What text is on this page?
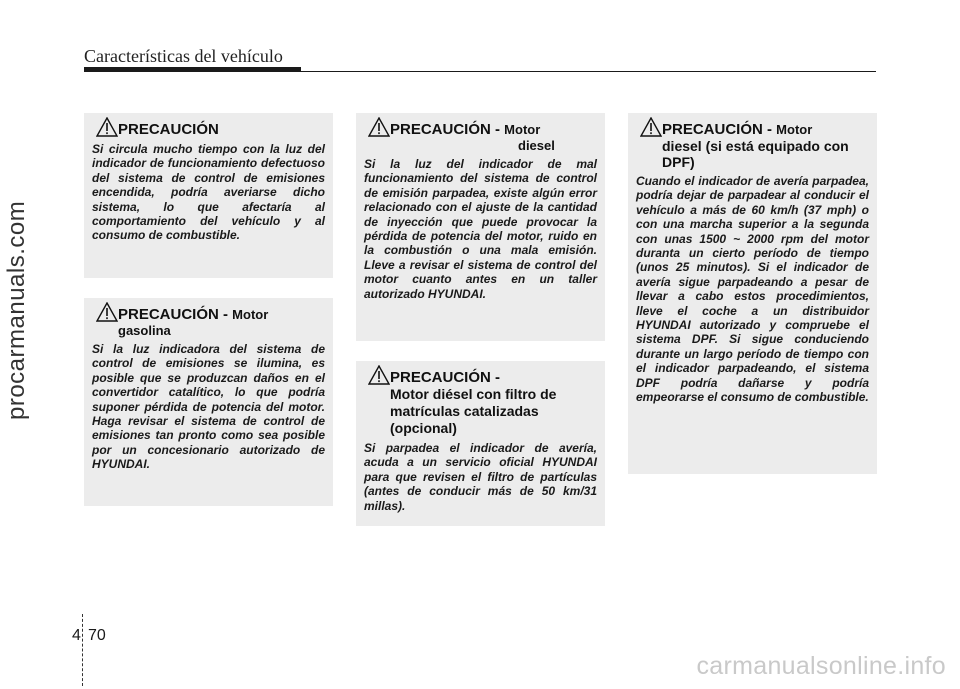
Características del vehículo
procarmanuals.com
PRECAUCIÓN
Si circula mucho tiempo con la luz del indicador de funcionamiento defectuoso del sistema de control de emisiones encendida, podría averiarse dicho sistema, lo que afectaría al comportamiento del vehículo y al consumo de combustible.
PRECAUCIÓN - Motor
gasolina
Si la luz indicadora del sistema de control de emisiones se ilumina, es posible que se produzcan daños en el convertidor catalítico, lo que podría suponer pérdida de potencia del motor. Haga revisar el sistema de control de emisiones tan pronto como sea posible por un concesionario autorizado de HYUNDAI.
PRECAUCIÓN - Motor
diesel
Si la luz del indicador de mal funcionamiento del sistema de control de emisión parpadea, existe algún error relacionado con el ajuste de la cantidad de inyección que puede provocar la pérdida de potencia del motor, ruido en la combustión o una mala emisión. Lleve a revisar el sistema de control del motor cuanto antes en un taller autorizado HYUNDAI.
PRECAUCIÓN -
Motor diésel con filtro de matrículas catalizadas (opcional)
Si parpadea el indicador de avería, acuda a un servicio oficial HYUNDAI para que revisen el filtro de partículas (antes de conducir más de 50 km/31 millas).
PRECAUCIÓN - Motor
diesel (si está equipado con DPF)
Cuando el indicador de avería parpadea, podría dejar de parpadear al conducir el vehículo a más de 60 km/h (37 mph) o con una marcha superior a la segunda con unas 1500 ~ 2000 rpm del motor duranta un cierto período de tiempo (unos 25 minutos). Si el indicador de avería sigue parpadeando a pesar de llevar a cabo estos procedimientos, lleve el coche a un distribuidor HYUNDAI autorizado y compruebe el sistema DPF. Si sigue conduciendo durante un largo período de tiempo con el indicador parpadeando, el sistema DPF podría dañarse y podría empeorarse el consumo de combustible.
4 70
carmanualsonline.info
